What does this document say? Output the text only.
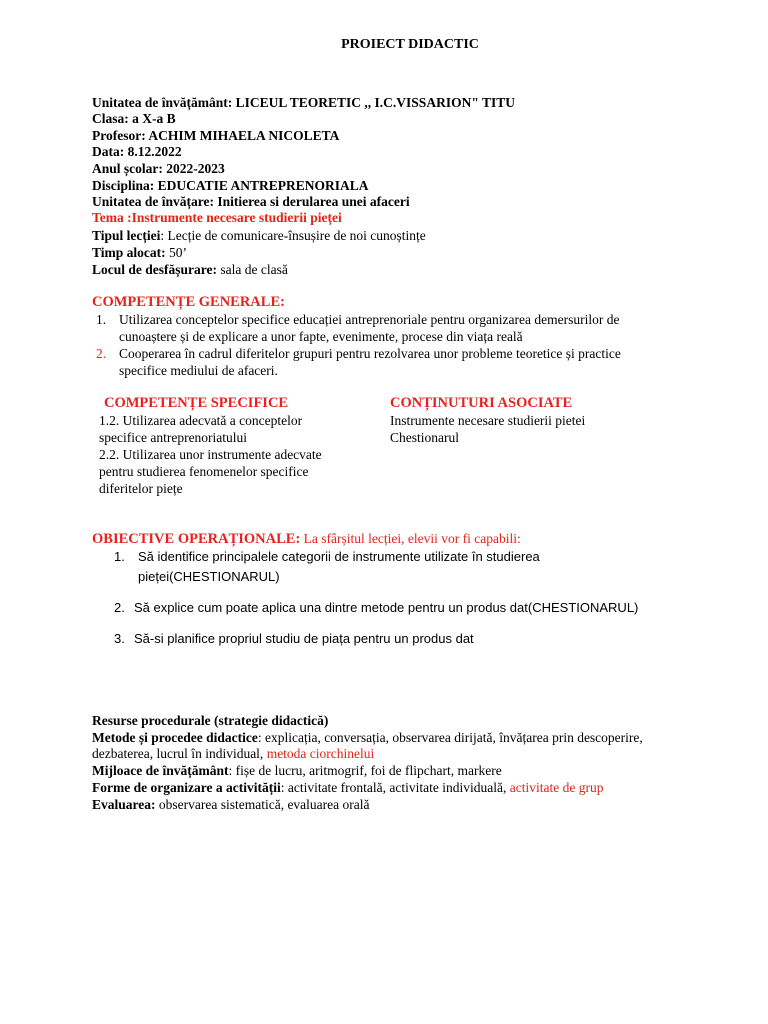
PROIECT DIDACTIC
Unitatea de învățământ: LICEUL TEORETIC ,, I.C.VISSARION" TITU
Clasa: a X-a B
Profesor: ACHIM MIHAELA NICOLETA
Data: 8.12.2022
Anul școlar: 2022-2023
Disciplina: EDUCATIE ANTREPRENORIALA
Unitatea de învățare: Initierea si derularea unei afaceri
Tema :Instrumente necesare studierii pieței
Tipul lecției: Lecție de comunicare-însușire de noi cunoștințe
Timp alocat: 50’
Locul de desfășurare: sala de clasă
COMPETENȚE GENERALE:
1. Utilizarea conceptelor specifice educației antreprenoriale pentru organizarea demersurilor de
cunoaștere și de explicare a unor fapte, evenimente, procese din viața reală
2. Cooperarea în cadrul diferitelor grupuri pentru rezolvarea unor probleme teoretice și practice
specifice mediului de afaceri.
COMPETENȚE SPECIFICE
1.2. Utilizarea adecvată a conceptelor
specifice antreprenoriatului
2.2. Utilizarea unor instrumente adecvate
pentru studierea fenomenelor specifice
diferitelor piețe
CONȚINUTURI ASOCIATE
Instrumente necesare studierii pietei
Chestionarul
OBIECTIVE OPERAȚIONALE: La sfârșitul lecției, elevii vor fi capabili:
1. Să identifice principalele categorii de instrumente utilizate în studierea
pieței(CHESTIONARUL)
2. Să explice cum poate aplica una dintre metode pentru un produs dat(CHESTIONARUL)
3. Să-si planifice propriul studiu de piața pentru un produs dat
Resurse procedurale (strategie didactică)
Metode și procedee didactice: explicația, conversația, observarea dirijată, învățarea prin descoperire,
dezbaterea, lucrul în individual, metoda ciorchinelui
Mijloace de învățământ: fișe de lucru, aritmogrif, foi de flipchart, markere
Forme de organizare a activității: activitate frontală, activitate individuală, activitate de grup
Evaluarea: observarea sistematică, evaluarea orală
